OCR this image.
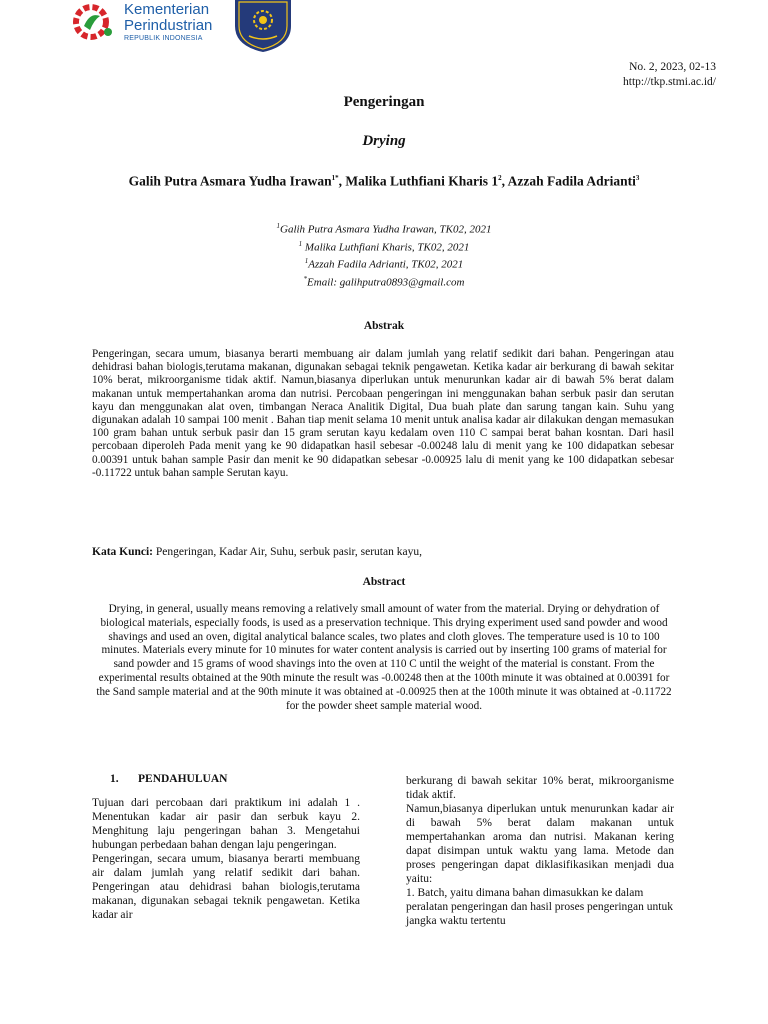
Kementerian
Perindustrian
REPUBLIK INDONESIA
No. 2, 2023, 02-13
http://tkp.stmi.ac.id/
Pengeringan
Drying
Galih Putra Asmara Yudha Irawan$^{1*}$, Malika Luthfiani Kharis $1^2$, Azzah Fadila Adrianti$^3$
$^1$Galih Putra Asmara Yudha Irawan, TK02, 2021
$^1$ Malika Luthfiani Kharis, TK02, 2021
$^1$Azzah Fadila Adrianti, TK02, 2021
*Email: galihputra0893@gmail.com
Abstrak
Pengeringan, secara umum, biasanya berarti membuang air dalam jumlah yang relatif sedikit dari bahan. Pengeringan atau dehidrasi bahan biologis,terutama makanan, digunakan sebagai teknik pengawetan. Ketika kadar air berkurang di bawah sekitar 10% berat, mikroorganisme tidak aktif. Namun,biasanya diperlukan untuk menurunkan kadar air di bawah 5% berat dalam makanan untuk mempertahankan aroma dan nutrisi. Percobaan pengeringan ini menggunakan bahan serbuk pasir dan serutan kayu dan menggunakan alat oven, timbangan Neraca Analitik Digital, Dua buah plate dan sarung tangan kain. Suhu yang digunakan adalah 10 sampai 100 menit . Bahan tiap menit selama 10 menit untuk analisa kadar air dilakukan dengan memasukan 100 gram bahan untuk serbuk pasir dan 15 gram serutan kayu kedalam oven 110 C sampai berat bahan kosntan. Dari hasil percobaan diperoleh Pada menit yang ke 90 didapatkan hasil sebesar -0.00248 lalu di menit yang ke 100 didapatkan sebesar 0.00391 untuk bahan sample Pasir dan menit ke 90 didapatkan sebesar -0.00925 lalu di menit yang ke 100 didapatkan sebesar -0.11722 untuk bahan sample Serutan kayu.
Kata Kunci: Pengeringan, Kadar Air, Suhu, serbuk pasir, serutan kayu,
Abstract
Drying, in general, usually means removing a relatively small amount of water from the material. Drying or dehydration of biological materials, especially foods, is used as a preservation technique. This drying experiment used sand powder and wood shavings and used an oven, digital analytical balance scales, two plates and cloth gloves. The temperature used is 10 to 100 minutes. Materials every minute for 10 minutes for water content analysis is carried out by inserting 100 grams of material for sand powder and 15 grams of wood shavings into the oven at 110 C until the weight of the material is constant. From the experimental results obtained at the 90th minute the result was -0.00248 then at the 100th minute it was obtained at 0.00391 for the Sand sample material and at the 90th minute it was obtained at -0.00925 then at the 100th minute it was obtained at -0.11722 for the powder sheet sample material wood.
1. PENDAHULUAN

Tujuan dari percobaan dari praktikum ini adalah 1 . Menentukan kadar air pasir dan serbuk kayu 2. Menghitung laju pengeringan bahan 3. Mengetahui hubungan perbedaan bahan dengan laju pengeringan.

Pengeringan, secara umum, biasanya berarti membuang air dalam jumlah yang relatif sedikit dari bahan. Pengeringan atau dehidrasi bahan biologis,terutama makanan, digunakan sebagai teknik pengawetan. Ketika kadar air

berkurang di bawah sekitar 10% berat, mikroorganisme tidak aktif.

Namun,biasanya diperlukan untuk menurunkan kadar air di bawah 5% berat dalam makanan untuk mempertahankan aroma dan nutrisi. Makanan kering dapat disimpan untuk waktu yang lama. Metode dan proses pengeringan dapat diklasifikasikan menjadi dua yaitu:

1. Batch, yaitu dimana bahan dimasukkan ke dalam peralatan pengeringan dan hasil proses pengeringan untuk jangka waktu tertentu
